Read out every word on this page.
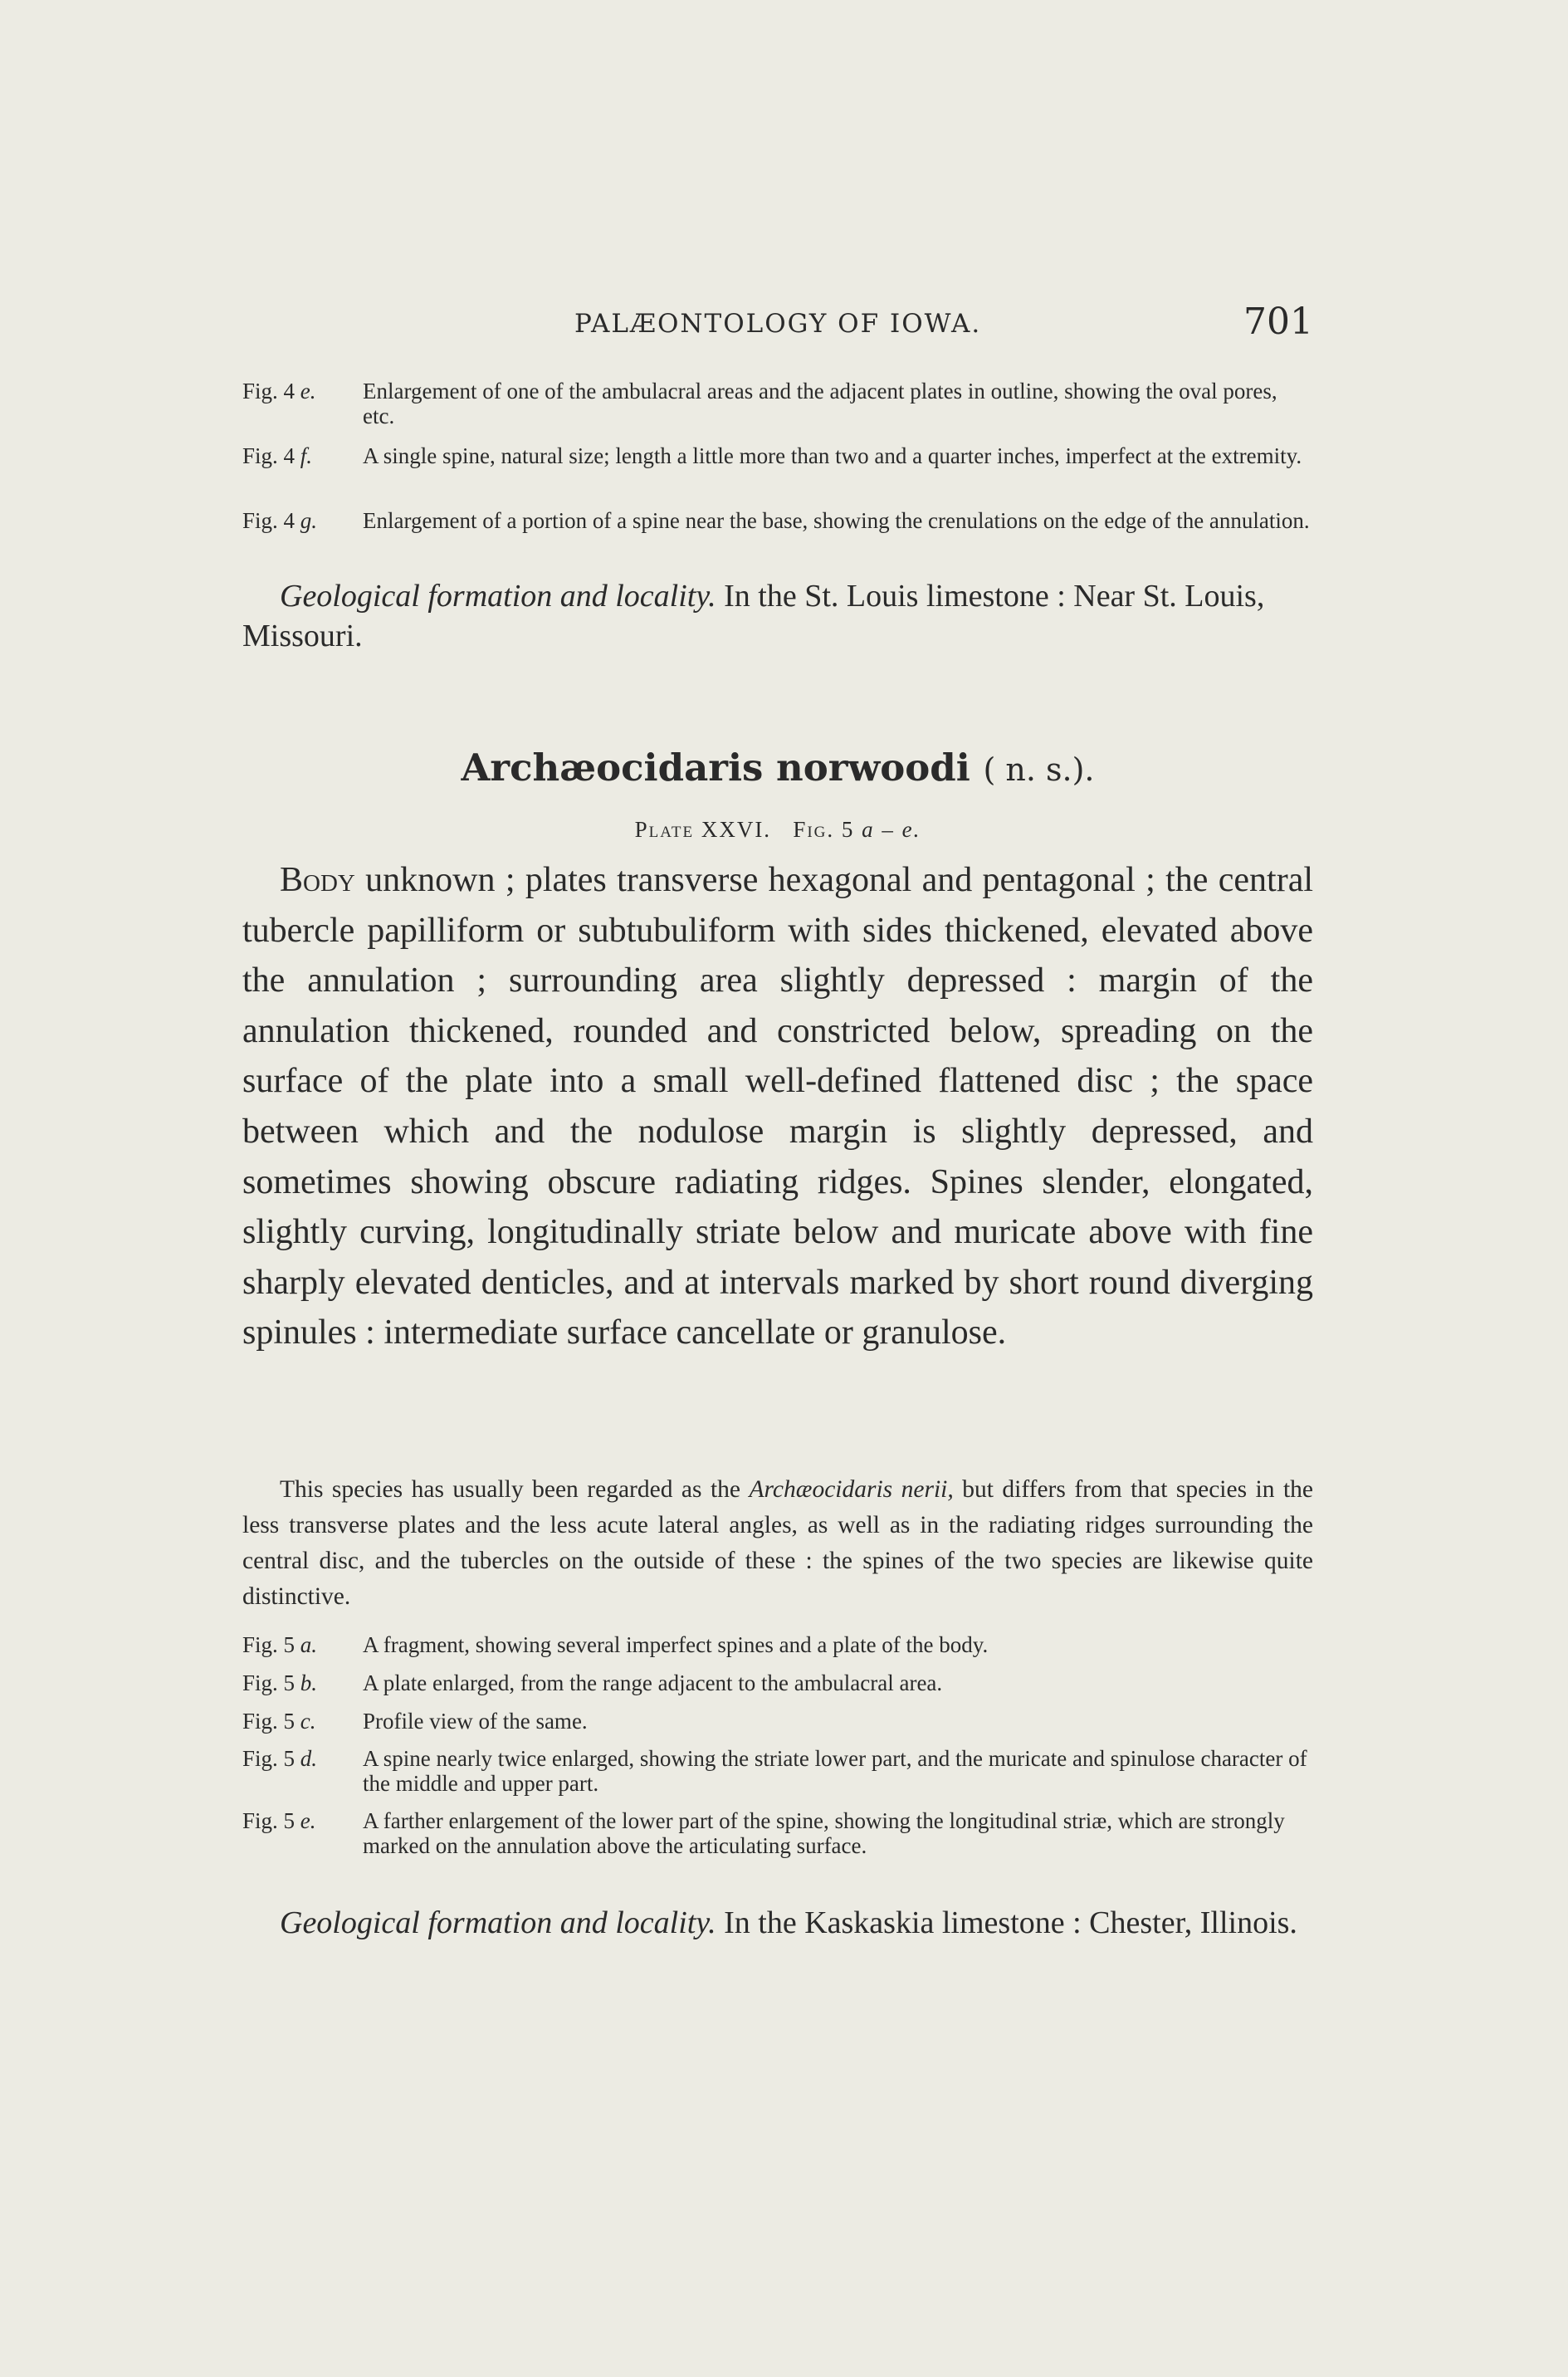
PALÆONTOLOGY OF IOWA.	701
Fig. 4 e. Enlargement of one of the ambulacral areas and the adjacent plates in outline, showing the oval pores, etc.
Fig. 4 f. A single spine, natural size; length a little more than two and a quarter inches, imperfect at the extremity.
Fig. 4 g. Enlargement of a portion of a spine near the base, showing the crenulations on the edge of the annulation.
Geological formation and locality. In the St. Louis limestone : Near St. Louis, Missouri.
Archæocidaris norwoodi ( n. s.).
Plate XXVI. Fig. 5 a – e.
Body unknown ; plates transverse hexagonal and pentagonal ; the central tubercle papilliform or subtubuliform with sides thickened, elevated above the annulation ; surrounding area slightly depressed : margin of the annulation thickened, rounded and constricted below, spreading on the surface of the plate into a small well-defined flattened disc ; the space between which and the nodulose margin is slightly depressed, and sometimes showing obscure radiating ridges. Spines slender, elongated, slightly curving, longitudinally striate below and muricate above with fine sharply elevated denticles, and at intervals marked by short round diverging spinules : intermediate surface cancellate or granulose.
This species has usually been regarded as the Archæocidaris nerii, but differs from that species in the less transverse plates and the less acute lateral angles, as well as in the radiating ridges surrounding the central disc, and the tubercles on the outside of these : the spines of the two species are likewise quite distinctive.
Fig. 5 a. A fragment, showing several imperfect spines and a plate of the body.
Fig. 5 b. A plate enlarged, from the range adjacent to the ambulacral area.
Fig. 5 c. Profile view of the same.
Fig. 5 d. A spine nearly twice enlarged, showing the striate lower part, and the muricate and spinulose character of the middle and upper part.
Fig. 5 e. A farther enlargement of the lower part of the spine, showing the longitudinal striæ, which are strongly marked on the annulation above the articulating surface.
Geological formation and locality. In the Kaskaskia limestone : Chester, Illinois.
